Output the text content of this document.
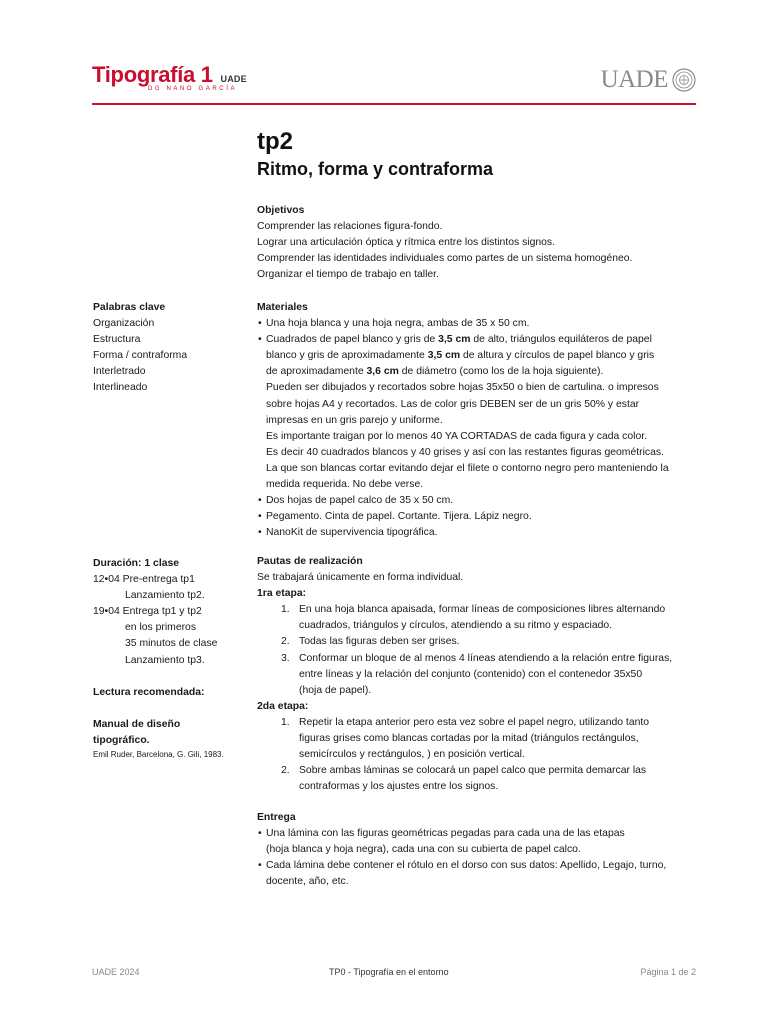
Tipografía 1 UADE
DG NANO GARCÍA	UADE
tp2
Ritmo, forma y contraforma
Objetivos
Comprender las relaciones figura-fondo.
Lograr una articulación óptica y rítmica entre los distintos signos.
Comprender las identidades individuales como partes de un sistema homogéneo.
Organizar el tiempo de trabajo en taller.
Palabras clave
Organización
Estructura
Forma / contraforma
Interletrado
Interlineado
Materiales
• Una hoja blanca y una hoja negra, ambas de 35 x 50 cm.
• Cuadrados de papel blanco y gris de 3,5 cm de alto, triángulos equiláteros de papel
blanco y gris de aproximadamente 3,5 cm de altura y círculos de papel blanco y gris
de aproximadamente 3,6 cm de diámetro (como los de la hoja siguiente).
Pueden ser dibujados y recortados sobre hojas 35x50 o bien de cartulina. o impresos
sobre hojas A4 y recortados. Las de color gris DEBEN ser de un gris 50% y estar
impresas en un gris parejo y uniforme.
Es importante traigan por lo menos 40 YA CORTADAS de cada figura y cada color.
Es decir 40 cuadrados blancos y 40 grises y así con las restantes figuras geométricas.
La que son blancas cortar evitando dejar el filete o contorno negro pero manteniendo la
medida requerida. No debe verse.
• Dos hojas de papel calco de 35 x 50 cm.
• Pegamento. Cinta de papel. Cortante. Tijera. Lápiz negro.
• NanoKit de supervivencia tipográfica.
Duración: 1 clase
12•04 Pre-entrega tp1
Lanzamiento tp2.
19•04 Entrega tp1 y tp2
en los primeros
35 minutos de clase
Lanzamiento tp3.
Lectura recomendada:
Manual de diseño
tipográfico.
Emil Ruder, Barcelona, G. Gili, 1983.
Pautas de realización
Se trabajará únicamente en forma individual.
1ra etapa:
1. En una hoja blanca apaisada, formar líneas de composiciones libres alternando
cuadrados, triángulos y círculos, atendiendo a su ritmo y espaciado.
2. Todas las figuras deben ser grises.
3. Conformar un bloque de al menos 4 líneas atendiendo a la relación entre figuras,
entre líneas y la relación del conjunto (contenido) con el contenedor 35x50
(hoja de papel).
2da etapa:
1. Repetir la etapa anterior pero esta vez sobre el papel negro, utilizando tanto
figuras grises como blancas cortadas por la mitad (triángulos rectángulos,
semicírculos y rectángulos, ) en posición vertical.
2. Sobre ambas láminas se colocará un papel calco que permita demarcar las
contraformas y los ajustes entre los signos.
Entrega
• Una lámina con las figuras geométricas pegadas para cada una de las etapas
(hoja blanca y hoja negra), cada una con su cubierta de papel calco.
• Cada lámina debe contener el rótulo en el dorso con sus datos: Apellido, Legajo, turno,
docente, año, etc.
UADE 2024	TP0 - Tipografía en el entorno	Página 1 de 2
